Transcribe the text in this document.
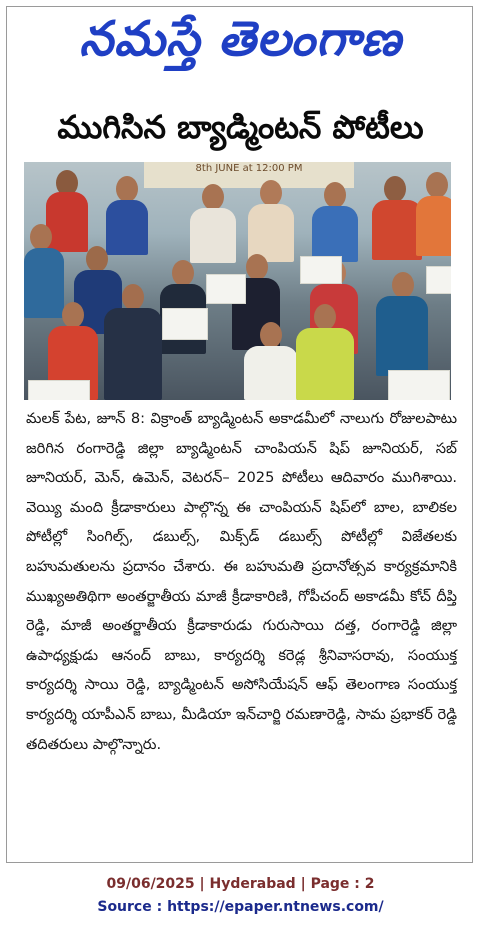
నమస్తే తెలంగాణ
ముగిసిన బ్యాడ్మింటన్ పోటీలు
8th JUNE at 12:00 PM

మలక్ పేట, జూన్ 8: విక్రాంత్ బ్యాడ్మింటన్ అకాడమీలో నాలుగు రోజులపాటు జరిగిన రంగారెడ్డి జిల్లా బ్యాడ్మింటన్ చాంపియన్ షిప్ జూనియర్, సబ్ జూనియర్, మెన్, ఉమెన్, వెటరన్– 2025 పోటీలు ఆదివారం ముగిశాయి. వెయ్యి మంది క్రీడాకారులు పాల్గొన్న ఈ చాంపియన్ షిప్‌లో బాల, బాలికల పోటీల్లో సింగిల్స్, డబుల్స్, మిక్స్‌డ్ డబుల్స్ పోటీల్లో విజేతలకు బహుమతులను ప్రదానం చేశారు. ఈ బహుమతి ప్రదానోత్సవ కార్యక్రమానికి ముఖ్యఅతిథిగా అంతర్జాతీయ మాజీ క్రీడాకారిణి, గోపీచంద్ అకాడమీ కోచ్ దీప్తి రెడ్డి, మాజీ అంతర్జాతీయ క్రీడాకారుడు గురుసాయి దత్త, రంగారెడ్డి జిల్లా ఉపాధ్యక్షుడు ఆనంద్ బాబు, కార్యదర్శి కరెడ్ల శ్రీనివాసరావు, సంయుక్త కార్యదర్శి సాయి రెడ్డి, బ్యాడ్మింటన్ అసోసియేషన్ ఆఫ్ తెలంగాణ సంయుక్త కార్యదర్శి యాపీఎన్ బాబు, మీడియా ఇన్‌చార్జి రమణారెడ్డి, సామ ప్రభాకర్ రెడ్డి తదితరులు పాల్గొన్నారు.

09/06/2025 | Hyderabad | Page : 2
Source : https://epaper.ntnews.com/
